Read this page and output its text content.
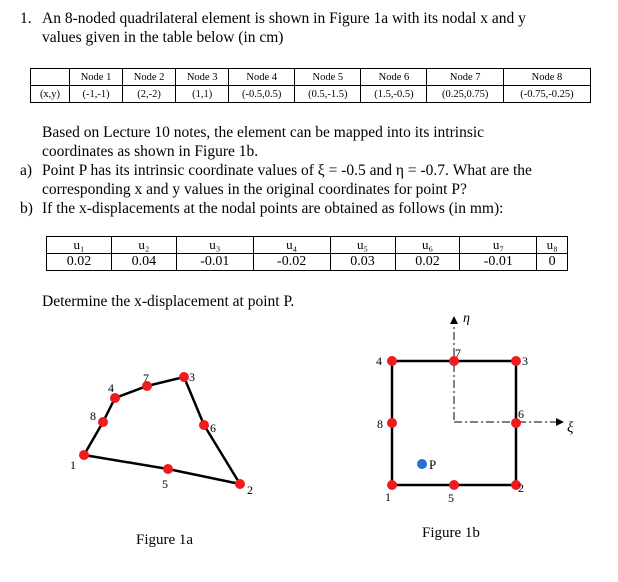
1. An 8-noded quadrilateral element is shown in Figure 1a with its nodal x and y
values given in the table below (in cm)
	Node 1	Node 2	Node 3	Node 4	Node 5	Node 6	Node 7	Node 8
(x,y)	(-1,-1)	(2,-2)	(1,1)	(-0.5,0.5)	(0.5,-1.5)	(1.5,-0.5)	(0.25,0.75)	(-0.75,-0.25)
Based on Lecture 10 notes, the element can be mapped into its intrinsic
coordinates as shown in Figure 1b.
a) Point P has its intrinsic coordinate values of ξ = -0.5 and η = -0.7. What are the
corresponding x and y values in the original coordinates for point P?
b) If the x-displacements at the nodal points are obtained as follows (in mm):
u₁	u₂	u₃	u₄	u₅	u₆	u₇	u₈
0.02	0.04	-0.01	-0.02	0.03	0.02	-0.01	0
Determine the x-displacement at point P.
1
5	2
6
3
7
4
8
1	5
2
6
3
7
4
8
P
η
ξ
Figure 1a	Figure 1b
